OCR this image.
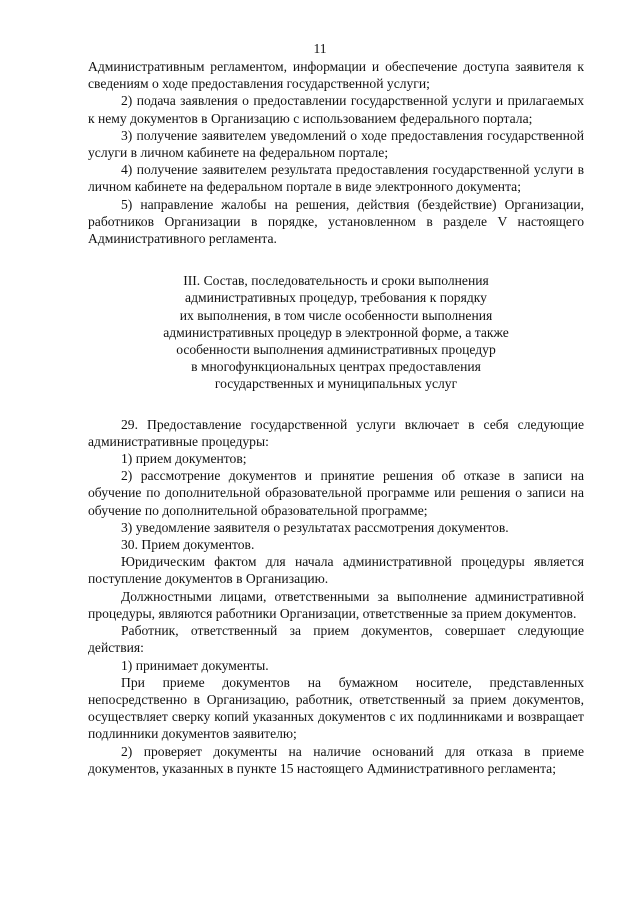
11

Административным регламентом, информации и обеспечение доступа заявителя к сведениям о ходе предоставления государственной услуги;

2) подача заявления о предоставлении государственной услуги и прилагаемых к нему документов в Организацию с использованием федерального портала;

3) получение заявителем уведомлений о ходе предоставления государственной услуги в личном кабинете на федеральном портале;

4) получение заявителем результата предоставления государственной услуги в личном кабинете на федеральном портале в виде электронного документа;

5) направление жалобы на решения, действия (бездействие) Организации, работников Организации в порядке, установленном в разделе V настоящего Административного регламента.

III. Состав, последовательность и сроки выполнения
административных процедур, требования к порядку
их выполнения, в том числе особенности выполнения
административных процедур в электронной форме, а также
особенности выполнения административных процедур
в многофункциональных центрах предоставления
государственных и муниципальных услуг

29. Предоставление государственной услуги включает в себя следующие административные процедуры:

1) прием документов;

2) рассмотрение документов и принятие решения об отказе в записи на обучение по дополнительной образовательной программе или решения о записи на обучение по дополнительной образовательной программе;

3) уведомление заявителя о результатах рассмотрения документов.

30. Прием документов.

Юридическим фактом для начала административной процедуры является поступление документов в Организацию.

Должностными лицами, ответственными за выполнение административной процедуры, являются работники Организации, ответственные за прием документов.

Работник, ответственный за прием документов, совершает следующие действия:

1) принимает документы.

При приеме документов на бумажном носителе, представленных непосредственно в Организацию, работник, ответственный за прием документов, осуществляет сверку копий указанных документов с их подлинниками и возвращает подлинники документов заявителю;

2) проверяет документы на наличие оснований для отказа в приеме документов, указанных в пункте 15 настоящего Административного регламента;
